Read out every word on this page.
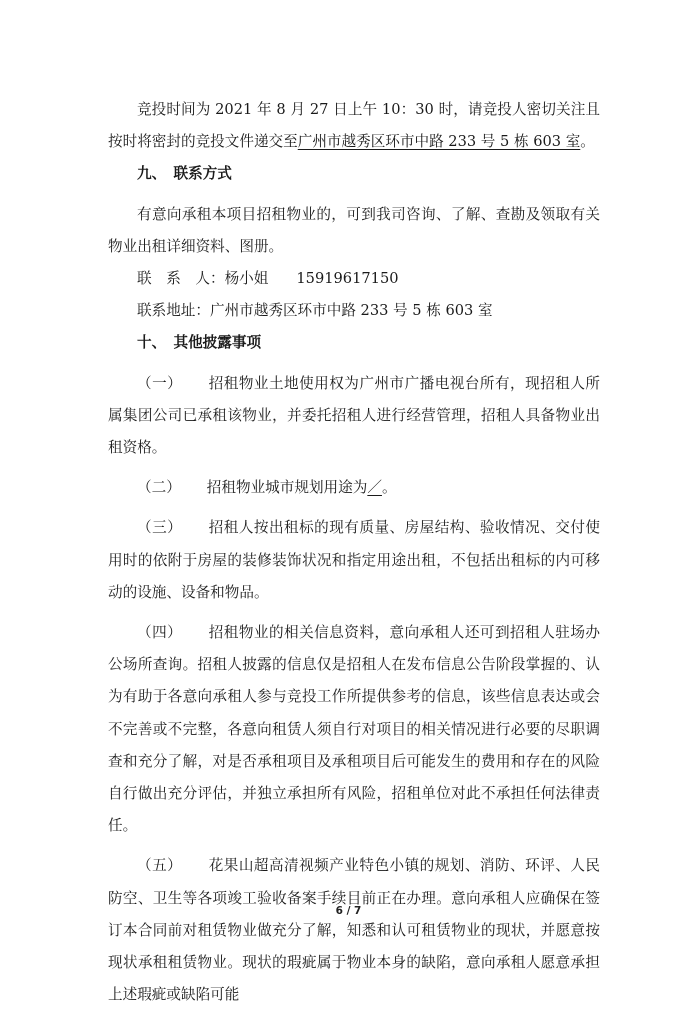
竞投时间为 2021 年 8 月 27 日上午 10：30 时，请竞投人密切关注且按时将密封的竞投文件递交至广州市越秀区环市中路 233 号 5 栋 603 室。

九、　联系方式

有意向承租本项目招租物业的，可到我司咨询、了解、查勘及领取有关物业出租详细资料、图册。

联　系　人：杨小姐 15919617150

联系地址：广州市越秀区环市中路 233 号 5 栋 603 室

十、　其他披露事项

（一） 招租物业土地使用权为广州市广播电视台所有，现招租人所属集团公司已承租该物业，并委托招租人进行经营管理，招租人具备物业出租资格。

（二） 招租物业城市规划用途为／。

（三） 招租人按出租标的现有质量、房屋结构、验收情况、交付使用时的依附于房屋的装修装饰状况和指定用途出租，不包括出租标的内可移动的设施、设备和物品。

（四） 招租物业的相关信息资料，意向承租人还可到招租人驻场办公场所查询。招租人披露的信息仅是招租人在发布信息公告阶段掌握的、认为有助于各意向承租人参与竞投工作所提供参考的信息，该些信息表达或会不完善或不完整，各意向租赁人须自行对项目的相关情况进行必要的尽职调查和充分了解，对是否承租项目及承租项目后可能发生的费用和存在的风险自行做出充分评估，并独立承担所有风险，招租单位对此不承担任何法律责任。

（五） 花果山超高清视频产业特色小镇的规划、消防、环评、人民防空、卫生等各项竣工验收备案手续目前正在办理。意向承租人应确保在签订本合同前对租赁物业做充分了解，知悉和认可租赁物业的现状，并愿意按现状承租租赁物业。现状的瑕疵属于物业本身的缺陷，意向承租人愿意承担上述瑕疵或缺陷可能

6 / 7
